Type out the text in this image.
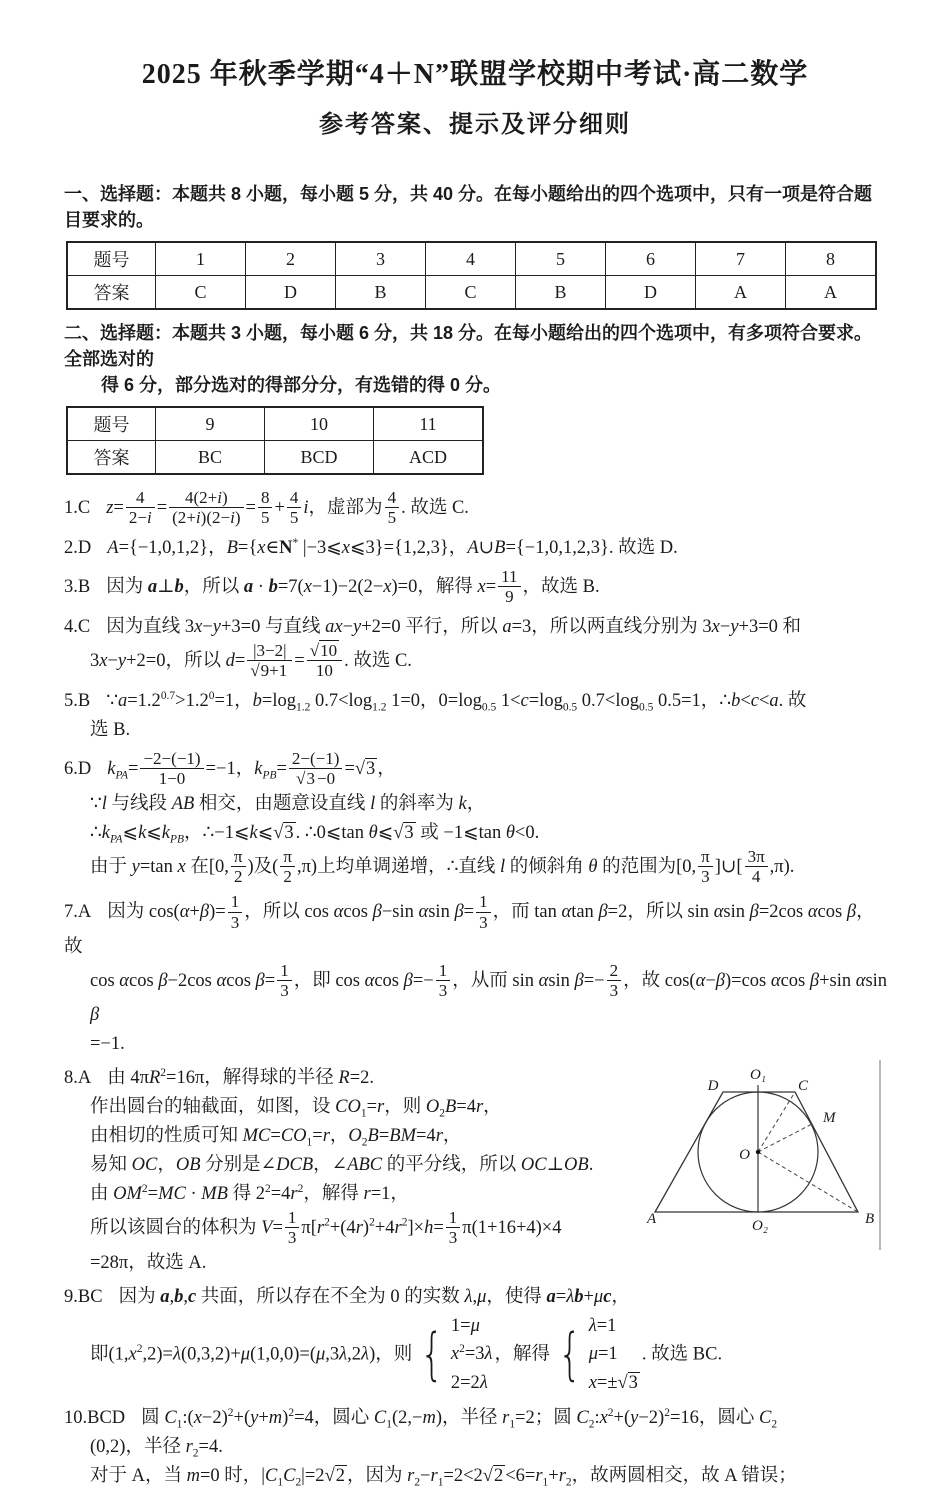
2025 年秋季学期“4＋N”联盟学校期中考试·高二数学
参考答案、提示及评分细则
一、选择题：本题共 8 小题，每小题 5 分，共 40 分。在每小题给出的四个选项中，只有一项是符合题目要求的。
题号	1	2	3	4	5	6	7	8
答案	C	D	B	C	B	D	A	A
二、选择题：本题共 3 小题，每小题 6 分，共 18 分。在每小题给出的四个选项中，有多项符合要求。全部选对的
得 6 分，部分选对的得部分分，有选错的得 0 分。
题号	9	10	11
答案	BC	BCD	ACD
1.C $z= \frac{4}{2-i} = \frac{4(2+i)}{(2+i)(2-i)} = \frac{8}{5} + \frac{4}{5}$ i，虚部为 $\frac{4}{5}$ . 故选 C.
2.D A={−1,0,1,2}，B={x∈N* |−3⩽x⩽3}={1,2,3}，A∪B={−1,0,1,2,3}. 故选 D.
3.B 因为 a⊥b，所以 a · b=7(x−1)−2(2−x)=0，解得 $x= \frac{11}{9}$ ，故选 B.
4.C 因为直线 3x−y+3=0 与直线 ax−y+2=0 平行，所以 a=3，所以两直线分别为 3x−y+3=0 和
3x−y+2=0，所以 $d= \frac{|3-2|}{√9+1} = \frac{√10}{10}$ . 故选 C.
5.B $\because a=1.2^{0.7}>1.2^0=1$，$b=\log_{1.2}$ $0.7<\log_{1.2}$ 1=0，$0=\log_{0.5}$ $1<c=\log_{0.5}$ $0.7<\log_{0.5}$ 0.5=1，∴b<c<a. 故
选 B.
6.D $k_{PA}= \frac{-2-(-1)}{1-0} =-1$，$k_{PB}= \frac{2-(-1)}{√3 -0} =√3$ ，
∵l 与线段 AB 相交，由题意设直线 l 的斜率为 k，
$\therefore k_{PA}⩽k⩽k_{PB}$，∴−1⩽k⩽√3 . ∴0⩽tan θ⩽√3 或 −1⩽tan θ<0.
由于 y=tan x 在[0, $\frac{\pi}{2}$ )及( $\frac{\pi}{2} ,\pi$)上均单调递增，∴直线 l 的倾斜角 θ 的范围为[0, $\frac{\pi}{3}$ ]∪[ $\frac{3\pi}{4} ,\pi$).
7.A 因为 $\cos(\alpha+\beta)= \frac{1}{3}$ ，所以 cos αcos β−sin αsin $\beta= \frac{1}{3}$ ，而 tan αtan β=2，所以 sin αsin β=2cos αcos β，故
cos αcos β−2cos αcos $\beta= \frac{1}{3}$ ，即 cos αcos $\beta=- \frac{1}{3}$ ，从而 sin αsin $\beta=- \frac{2}{3}$ ，故 cos(α−β)=cos αcos β+sin αsin β
=−1.
D
O₁
C
M
O
A	O₂	B
8.A 由 $4\pi R^2=16\pi$，解得球的半径 R=2.
作出圆台的轴截面，如图，设 $CO_1=r$，则 $O_2B=4r$，
由相切的性质可知 $MC=CO_1=r$，$O_2B=BM=4r$，
易知 OC，OB 分别是∠DCB，∠ABC 的平分线，所以 OC⊥OB.
由 $OM^2=MC$ · MB 得 $2^2=4r^2$，解得 r=1，
所以该圆台的体积为 $V= \frac{1}{3} \pi[r^2+(4r)^2+4r^2]\times h= \frac{1}{3} \pi(1+16+4)\times 4$
=28π，故选 A.
9.BC 因为 a,b,c 共面，所以存在不全为 0 的实数 λ,μ，使得 a=λb+μc，
即$(1,x^2,2)=\lambda(0,3,2)+\mu(1,0,0)=(\mu,3\lambda,2\lambda)$，则 { 1=μ
$x^2=3\lambda$
2=2λ
，解得 { λ=1
μ=1
x=±√3
. 故选 BC.
10.BCD 圆 $C_1:(x-2)^2+(y+m)^2=4$，圆心 $C_1(2,-m)$，半径 $r_1=2$；圆 $C_2:x^2+(y-2)^2=16$，圆心 $C_2$
(0,2)，半径 $r_2=4$.
对于 A，当 m=0 时，$|C_1C_2|=2√2$ ，因为 $r_2-r_1=2<2√2 <6=r_1+r_2$，故两圆相交，故 A 错误；
